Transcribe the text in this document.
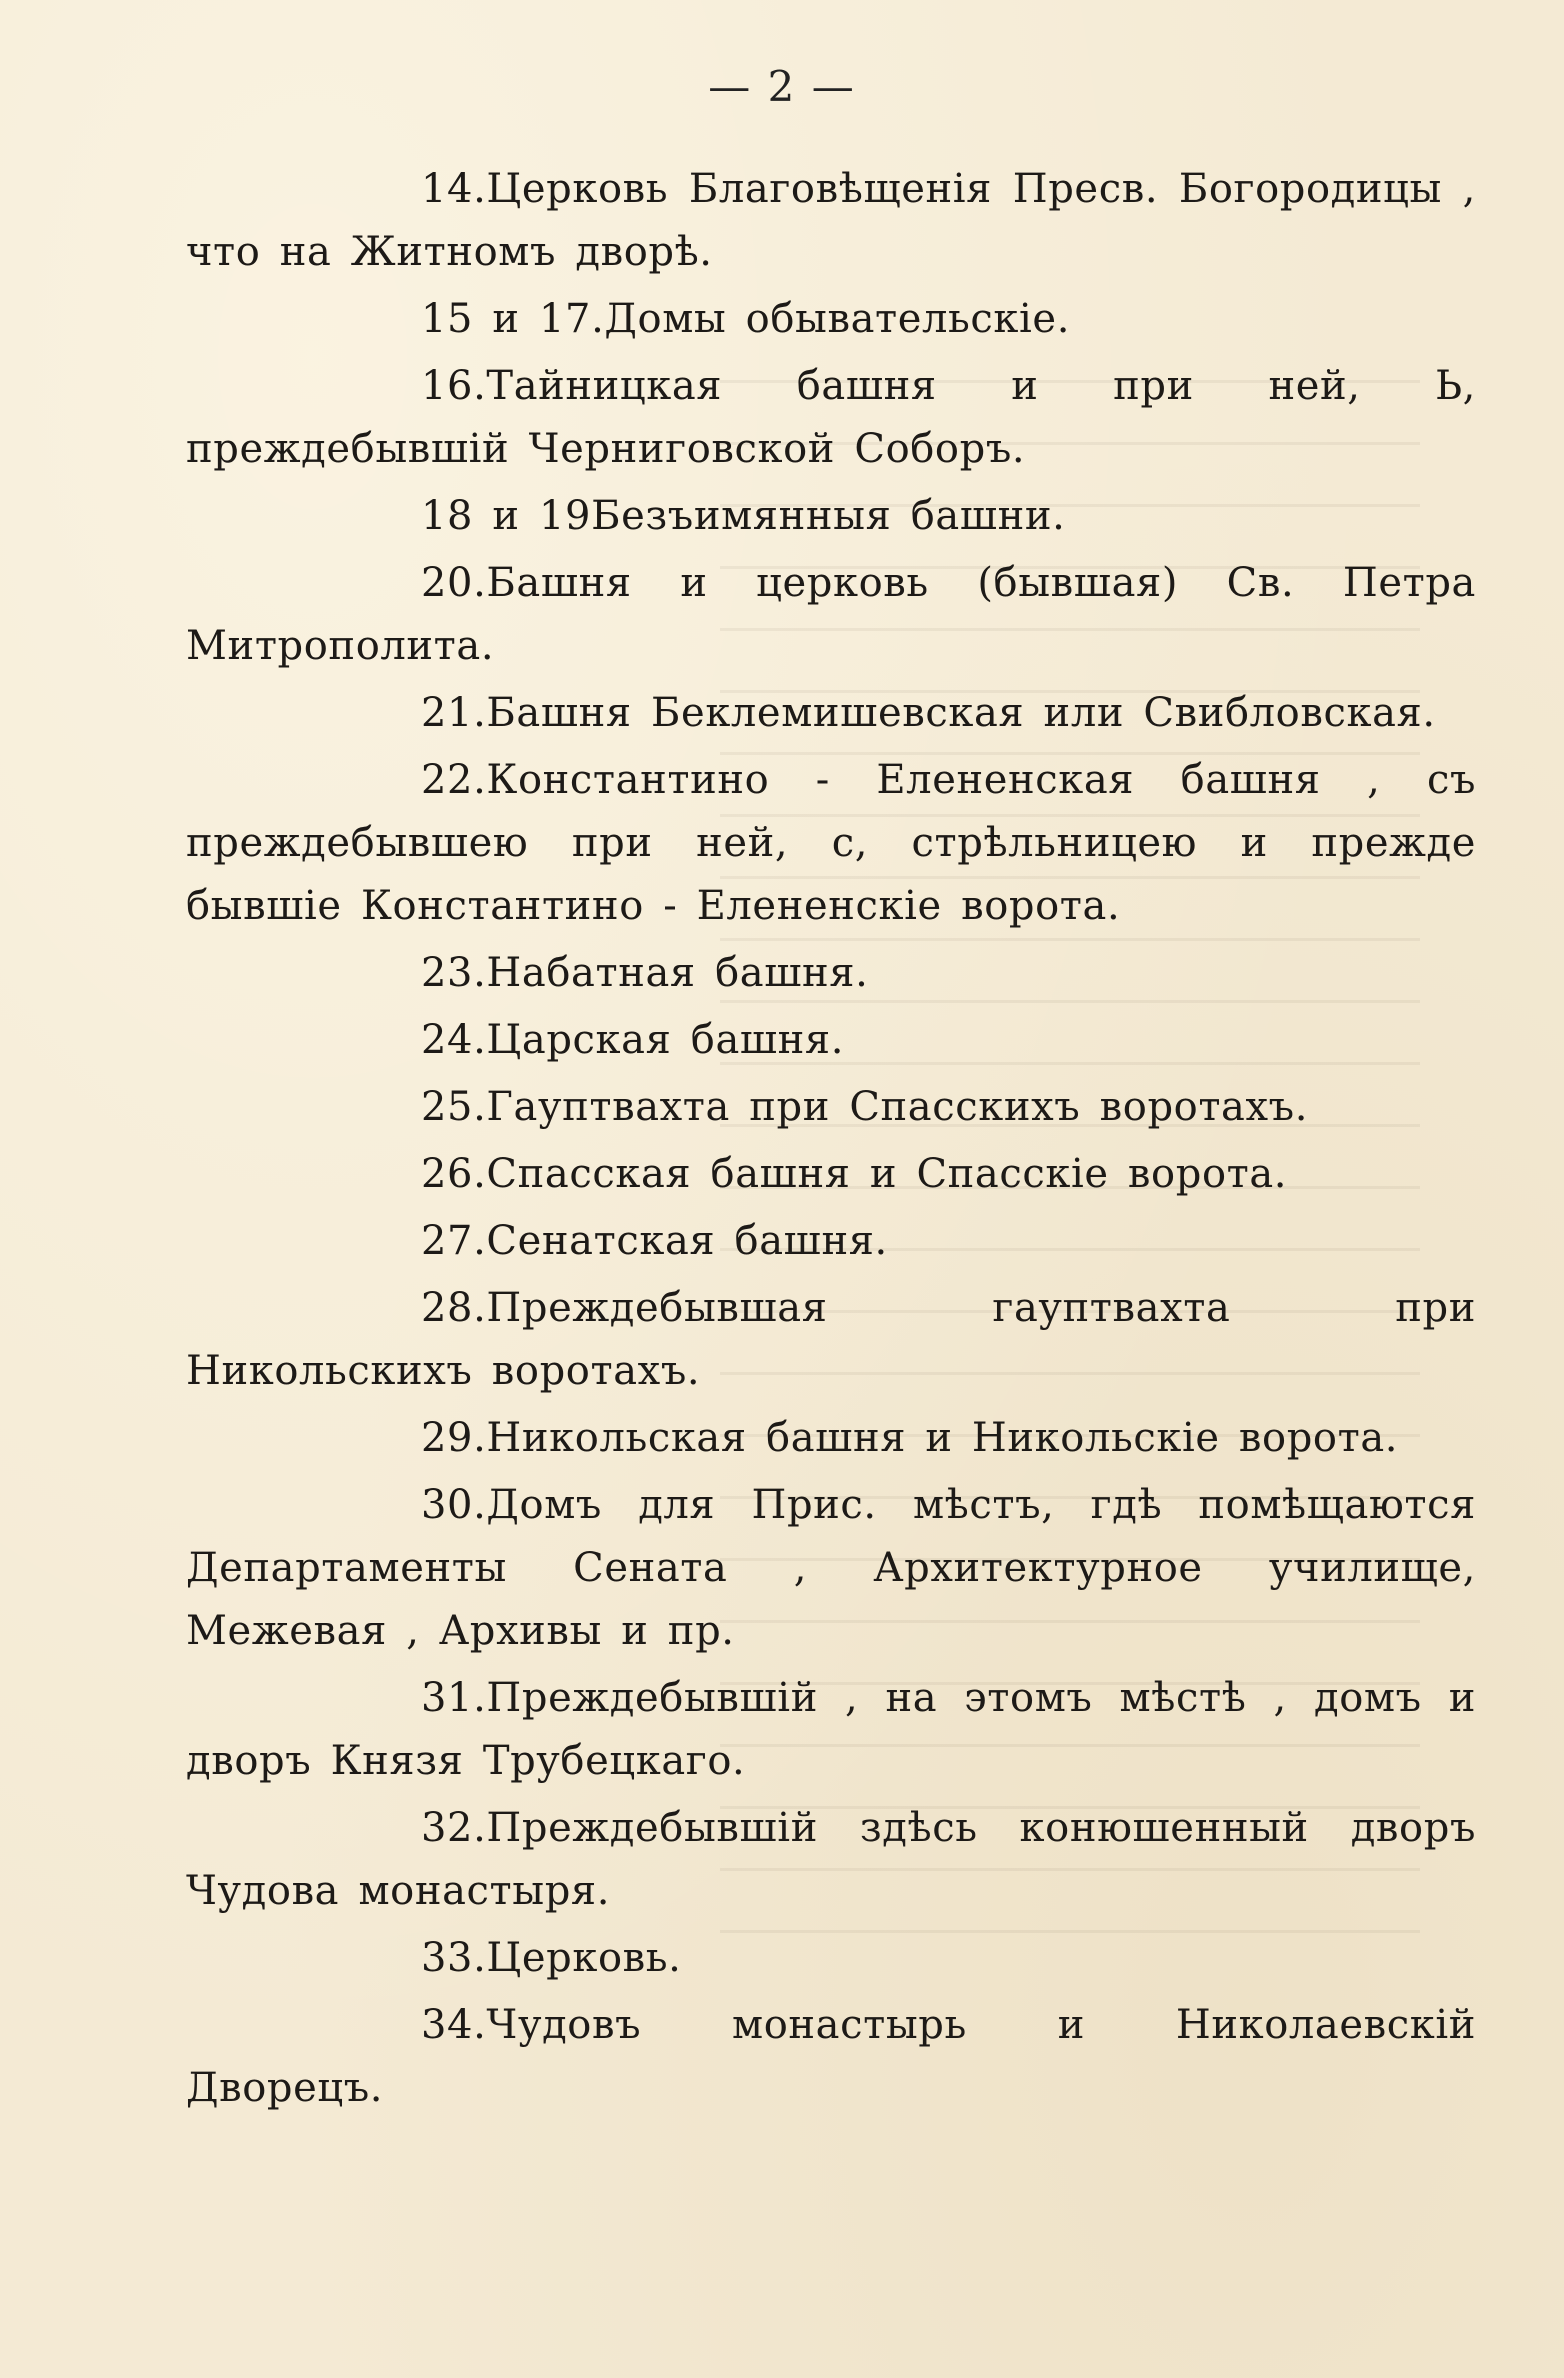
— 2 —

14.Церковь Благовѣщенія Пресв. Богородицы , что на Житномъ дворѣ.

15 и 17.Домы обывательскіе.

16.Тайницкая башня и при ней, Ь, преждебывшій Черниговской Соборъ.

18 и 19Безъимянныя башни.

20.Башня и церковь (бывшая) Св. Петра Митрополита.

21.Башня Беклемишевская или Свибловская.

22.Константино - Елененская башня , съ преждебывшею при ней, с, стрѣльницею и прежде бывшіе Константино - Елененскіе ворота.

23.Набатная башня.

24.Царская башня.

25.Гауптвахта при Спасскихъ воротахъ.

26.Спасская башня и Спасскіе ворота.

27.Сенатская башня.

28.Преждебывшая гауптвахта при Никольскихъ воротахъ.

29.Никольская башня и Никольскіе ворота.

30.Домъ для Прис. мѣстъ, гдѣ помѣщаются Департаменты Сената , Архитектурное училище, Межевая , Архивы и пр.

31.Преждебывшій , на этомъ мѣстѣ , домъ и дворъ Князя Трубецкаго.

32.Преждебывшій здѣсь конюшенный дворъ Чудова монастыря.

33.Церковь.

34.Чудовъ монастырь и Николаевскій Дворецъ.
